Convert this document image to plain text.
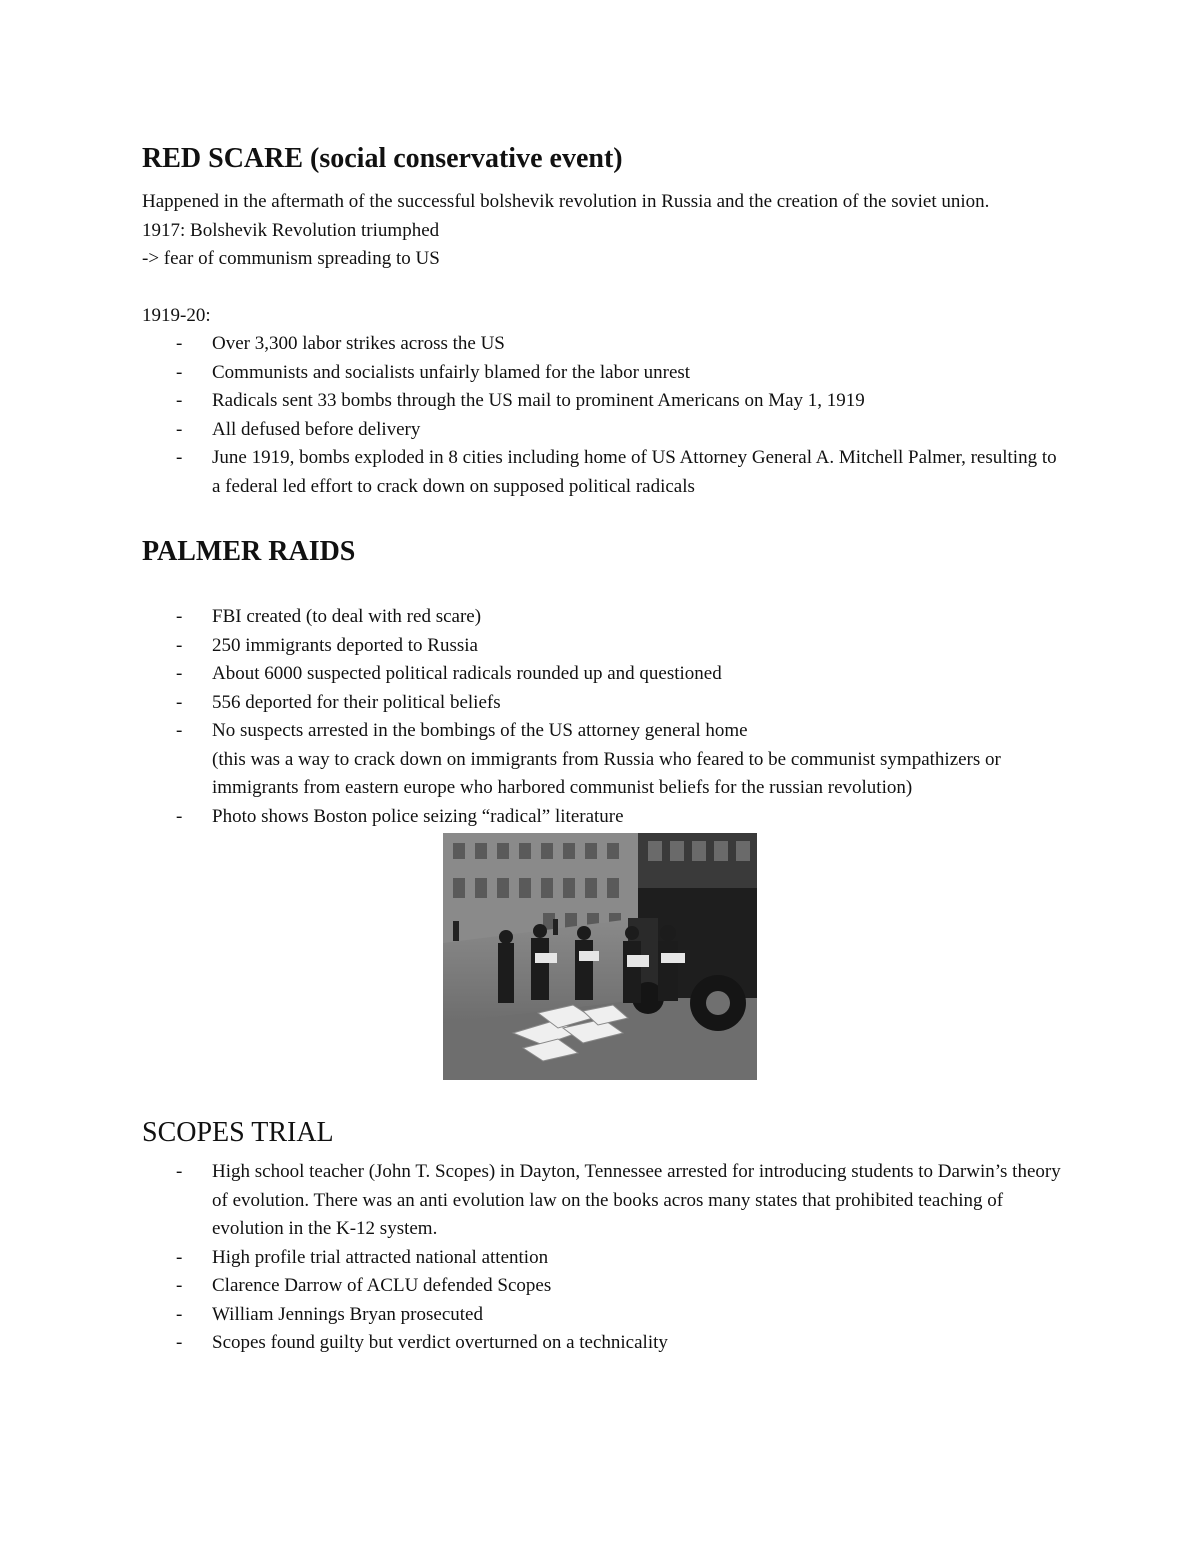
RED SCARE (social conservative event)

Happened in the aftermath of the successful bolshevik revolution in Russia and the creation of the soviet union.

1917: Bolshevik Revolution triumphed

-> fear of communism spreading to US

1919-20:

- Over 3,300 labor strikes across the US
- Communists and socialists unfairly blamed for the labor unrest
- Radicals sent 33 bombs through the US mail to prominent Americans on May 1, 1919
- All defused before delivery
- June 1919, bombs exploded in 8 cities including home of US Attorney General A. Mitchell Palmer, resulting to a federal led effort to crack down on supposed political radicals
PALMER RAIDS
- FBI created (to deal with red scare)
- 250 immigrants deported to Russia
- About 6000 suspected political radicals rounded up and questioned
- 556 deported for their political beliefs
- No suspects arrested in the bombings of the US attorney general home
(this was a way to crack down on immigrants from Russia who feared to be communist sympathizers or immigrants from eastern europe who harbored communist beliefs for the russian revolution)
- Photo shows Boston police seizing “radical” literature
SCOPES TRIAL
- High school teacher (John T. Scopes) in Dayton, Tennessee arrested for introducing students to Darwin’s theory of evolution. There was an anti evolution law on the books acros many states that prohibited teaching of evolution in the K-12 system.
- High profile trial attracted national attention
- Clarence Darrow of ACLU defended Scopes
- William Jennings Bryan prosecuted
- Scopes found guilty but verdict overturned on a technicality
